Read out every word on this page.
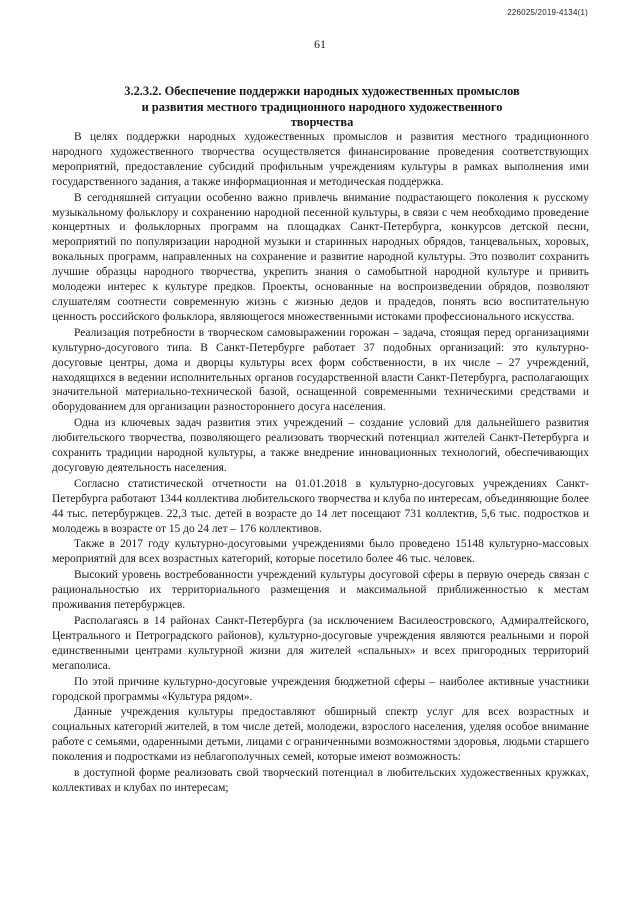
226025/2019-4134(1)
61
3.2.3.2. Обеспечение поддержки народных художественных промыслов и развития местного традиционного народного художественного творчества

В целях поддержки народных художественных промыслов и развития местного традиционного народного художественного творчества осуществляется финансирование проведения соответствующих мероприятий, предоставление субсидий профильным учреждениям культуры в рамках выполнения ими государственного задания, а также информационная и методическая поддержка.

В сегодняшней ситуации особенно важно привлечь внимание подрастающего поколения к русскому музыкальному фольклору и сохранению народной песенной культуры, в связи с чем необходимо проведение концертных и фольклорных программ на площадках Санкт-Петербурга, конкурсов детской песни, мероприятий по популяризации народной музыки и старинных народных обрядов, танцевальных, хоровых, вокальных программ, направленных на сохранение и развитие народной культуры. Это позволит сохранить лучшие образцы народного творчества, укрепить знания о самобытной народной культуре и привить молодежи интерес к культуре предков. Проекты, основанные на воспроизведении обрядов, позволяют слушателям соотнести современную жизнь с жизнью дедов и прадедов, понять всю воспитательную ценность российского фольклора, являющегося множественными истоками профессионального искусства.

Реализация потребности в творческом самовыражении горожан – задача, стоящая перед организациями культурно-досугового типа. В Санкт-Петербурге работает 37 подобных организаций: это культурно-досуговые центры, дома и дворцы культуры всех форм собственности, в их числе – 27 учреждений, находящихся в ведении исполнительных органов государственной власти Санкт-Петербурга, располагающих значительной материально-технической базой, оснащенной современными техническими средствами и оборудованием для организации разностороннего досуга населения.

Одна из ключевых задач развития этих учреждений – создание условий для дальнейшего развития любительского творчества, позволяющего реализовать творческий потенциал жителей Санкт-Петербурга и сохранить традиции народной культуры, а также внедрение инновационных технологий, обеспечивающих досуговую деятельность населения.

Согласно статистической отчетности на 01.01.2018 в культурно-досуговых учреждениях Санкт-Петербурга работают 1344 коллектива любительского творчества и клуба по интересам, объединяющие более 44 тыс. петербуржцев. 22,3 тыс. детей в возрасте до 14 лет посещают 731 коллектив, 5,6 тыс. подростков и молодежь в возрасте от 15 до 24 лет – 176 коллективов.

Также в 2017 году культурно-досуговыми учреждениями было проведено 15148 культурно-массовых мероприятий для всех возрастных категорий, которые посетило более 46 тыс. человек.

Высокий уровень востребованности учреждений культуры досуговой сферы в первую очередь связан с рациональностью их территориального размещения и максимальной приближенностью к местам проживания петербуржцев.

Располагаясь в 14 районах Санкт-Петербурга (за исключением Василеостровского, Адмиралтейского, Центрального и Петроградского районов), культурно-досуговые учреждения являются реальными и порой единственными центрами культурной жизни для жителей «спальных» и всех пригородных территорий мегаполиса.

По этой причине культурно-досуговые учреждения бюджетной сферы – наиболее активные участники городской программы «Культура рядом».

Данные учреждения культуры предоставляют обширный спектр услуг для всех возрастных и социальных категорий жителей, в том числе детей, молодежи, взрослого населения, уделяя особое внимание работе с семьями, одаренными детьми, лицами с ограниченными возможностями здоровья, людьми старшего поколения и подростками из неблагополучных семей, которые имеют возможность:

в доступной форме реализовать свой творческий потенциал в любительских художественных кружках, коллективах и клубах по интересам;
